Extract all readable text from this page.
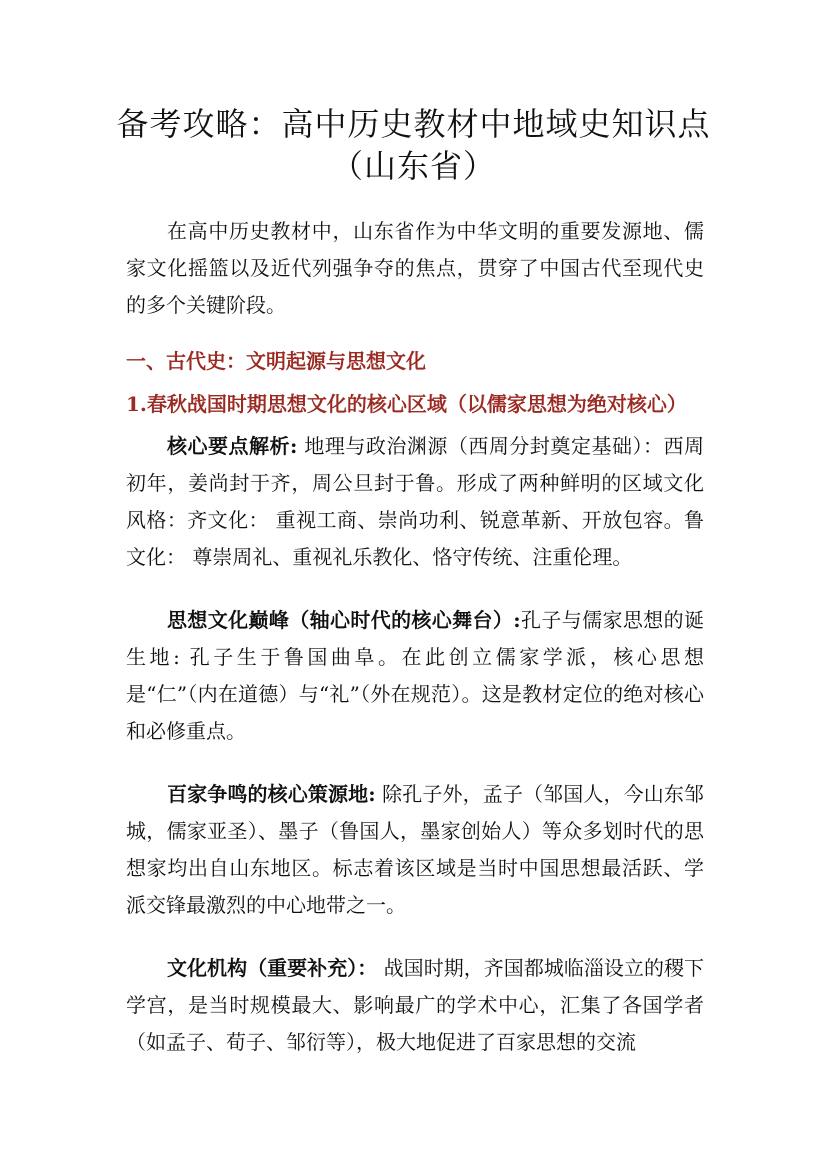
备考攻略：高中历史教材中地域史知识点
（山东省）

在高中历史教材中，山东省作为中华文明的重要发源地、儒家文化摇篮以及近代列强争夺的焦点，贯穿了中国古代至现代史的多个关键阶段。

一、古代史：文明起源与思想文化
1.春秋战国时期思想文化的核心区域（以儒家思想为绝对核心）

核心要点解析: 地理与政治渊源（西周分封奠定基础）：西周初年，姜尚封于齐，周公旦封于鲁。形成了两种鲜明的区域文化风格：齐文化： 重视工商、崇尚功利、锐意革新、开放包容。鲁文化： 尊崇周礼、重视礼乐教化、恪守传统、注重伦理。

思想文化巅峰（轴心时代的核心舞台）:孔子与儒家思想的诞生地: 孔子生于鲁国曲阜。在此创立儒家学派，核心思想是“仁”（内在道德）与“礼”（外在规范）。这是教材定位的绝对核心和必修重点。

百家争鸣的核心策源地: 除孔子外，孟子（邹国人，今山东邹城，儒家亚圣）、墨子（鲁国人，墨家创始人）等众多划时代的思想家均出自山东地区。标志着该区域是当时中国思想最活跃、学派交锋最激烈的中心地带之一。

文化机构（重要补充）： 战国时期，齐国都城临淄设立的稷下学宫，是当时规模最大、影响最广的学术中心，汇集了各国学者（如孟子、荀子、邹衍等），极大地促进了百家思想的交流
